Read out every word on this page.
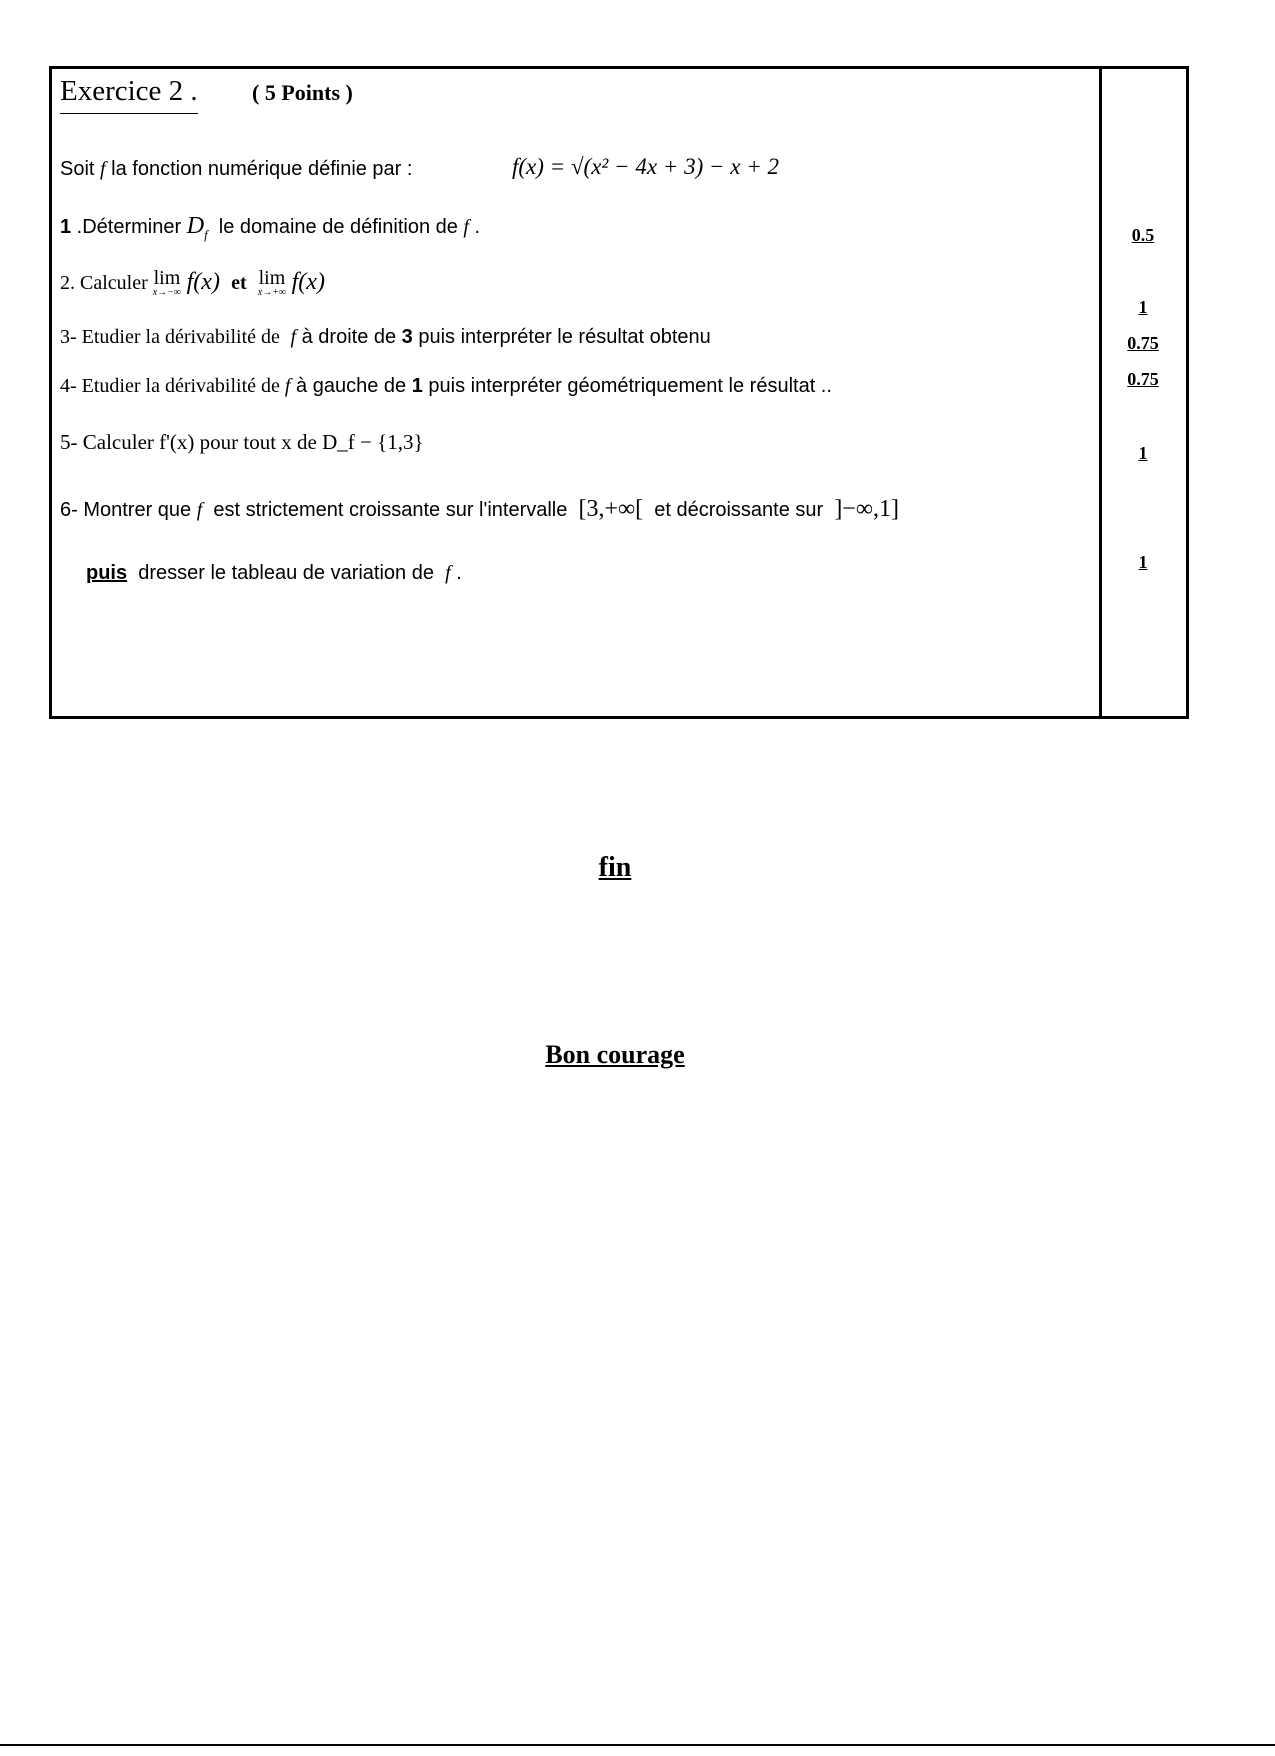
Exercice 2 . ( 5 Points )
Soit f la fonction numérique définie par :	f(x) = √(x² − 4x + 3) − x + 2
1 .Déterminer $D_f$  le domaine de définition de f .
2. Calculer lim
x→−∞ f(x) et lim
x→+∞ f(x)
3- Etudier la dérivabilité de  f à droite de 3 puis interpréter le résultat obtenu
4- Etudier la dérivabilité de f à gauche de 1 puis interpréter géométriquement le résultat ..
5- Calculer f'(x) pour tout x de D_f − {1,3}
6- Montrer que f  est strictement croissante sur l'intervalle  [3,+∞[  et décroissante sur  ]−∞,1]
puis  dresser le tableau de variation de  f .
0.5
1
0.75
0.75
1
1
fin
Bon courage
